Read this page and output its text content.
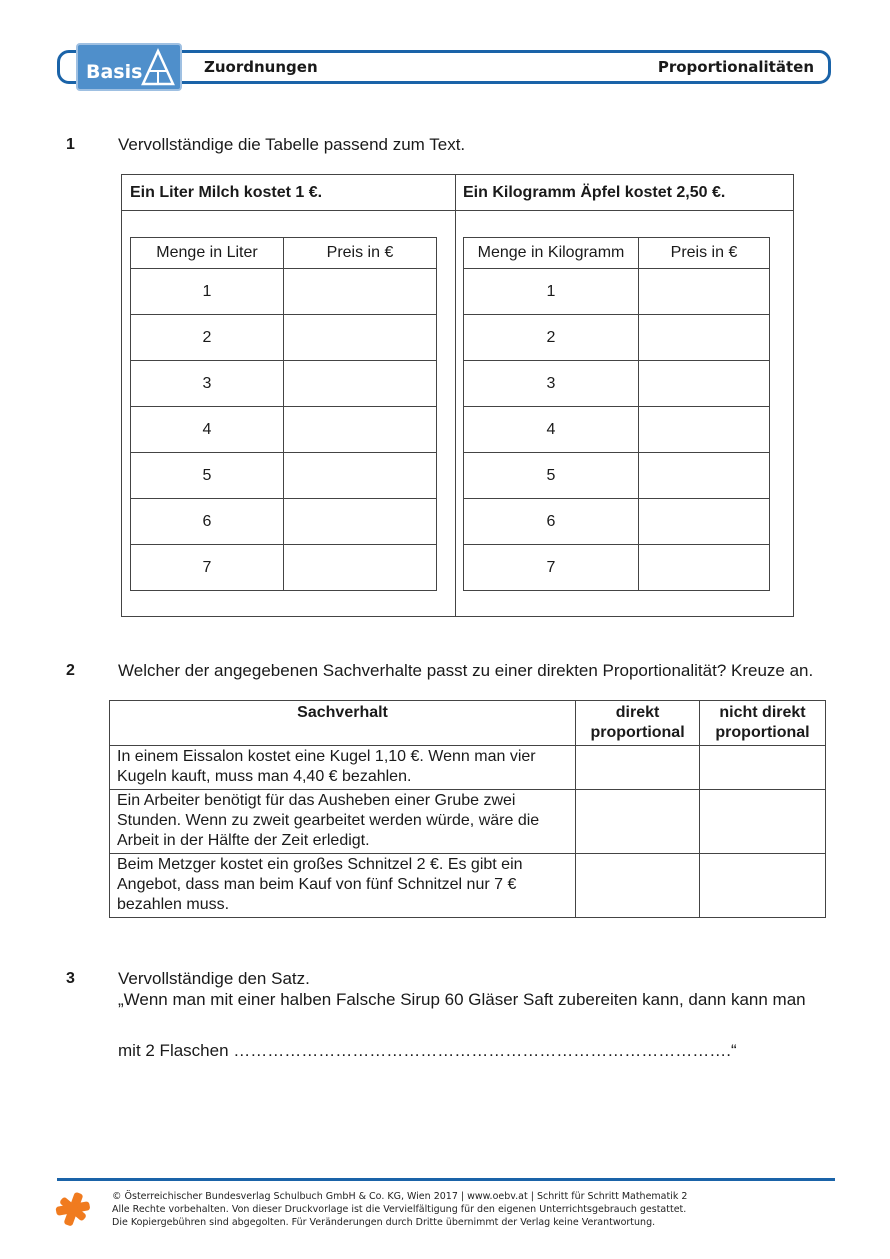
Basis	Zuordnungen	Proportionalitäten
1	Vervollständige die Tabelle passend zum Text.
Ein Liter Milch kostet 1 €.	Ein Kilogramm Äpfel kostet 2,50 €.
Menge in Liter	Preis in €
1	
2	
3	
4	
5	
6	
7	
Menge in Kilogramm	Preis in €
1	
2	
3	
4	
5	
6	
7	
2	Welcher der angegebenen Sachverhalte passt zu einer direkten Proportionalität? Kreuze an.
Sachverhalt	direkt proportional	nicht direkt proportional
In einem Eissalon kostet eine Kugel 1,10 €. Wenn man vier Kugeln kauft, muss man 4,40 € bezahlen.		
Ein Arbeiter benötigt für das Ausheben einer Grube zwei Stunden. Wenn zu zweit gearbeitet werden würde, wäre die Arbeit in der Hälfte der Zeit erledigt.		
Beim Metzger kostet ein großes Schnitzel 2 €. Es gibt ein Angebot, dass man beim Kauf von fünf Schnitzel nur 7 € bezahlen muss.		
3	Vervollständige den Satz.
„Wenn man mit einer halben Falsche Sirup 60 Gläser Saft zubereiten kann, dann kann man
mit 2 Flaschen …………………………………………………………………………….“
© Österreichischer Bundesverlag Schulbuch GmbH & Co. KG, Wien 2017 | www.oebv.at | Schritt für Schritt Mathematik 2
Alle Rechte vorbehalten. Von dieser Druckvorlage ist die Vervielfältigung für den eigenen Unterrichtsgebrauch gestattet.
Die Kopiergebühren sind abgegolten. Für Veränderungen durch Dritte übernimmt der Verlag keine Verantwortung.
